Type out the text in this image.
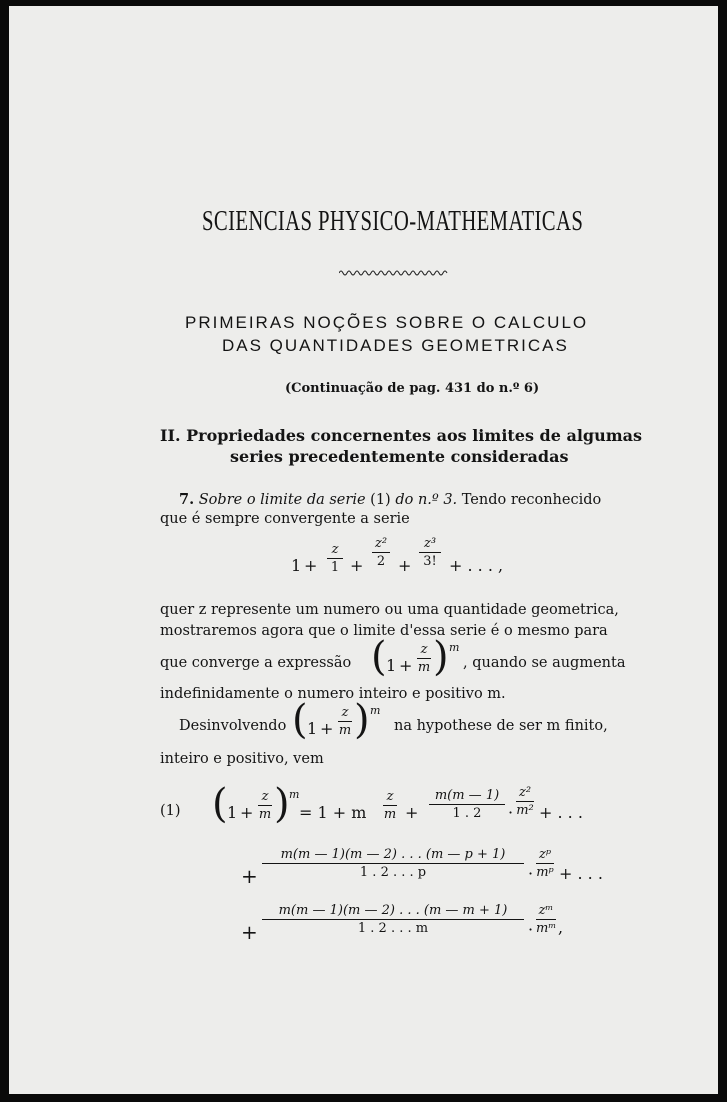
SCIENCIAS PHYSICO-MATHEMATICAS
PRIMEIRAS NOÇÕES SOBRE O CALCULO
DAS QUANTIDADES GEOMETRICAS
(Continuação de pag. 431 do n.º 6)
II. Propriedades concernentes aos limites de algumas
series precedentemente consideradas
7. Sobre o limite da serie (1) do n.º 3. Tendo reconhecido
que é sempre convergente a serie
1 +
z
1 +
z²
2 +
z³
3! + . . . ,
quer z represente um numero ou uma quantidade geometrica,
mostraremos agora que o limite d'essa serie é o mesmo para
que converge a expressão ( 1 +
z
m ) m
, quando se augmenta
indefinidamente o numero inteiro e positivo m.
Desinvolvendo ( 1 +
z
m ) m
na hypothese de ser m finito,
inteiro e positivo, vem
(1) ( 1 +
z
m ) m
= 1 + m
z
m +
m(m — 1)
1 . 2	·
z²
m² + . . .
+
m(m — 1)(m — 2) . . . (m — p + 1)
1 . 2 . . . p	·
zᵖ
mᵖ + . . .
+
m(m — 1)(m — 2) . . . (m — m + 1)
1 . 2 . . . m	·
zᵐ
mᵐ ,
